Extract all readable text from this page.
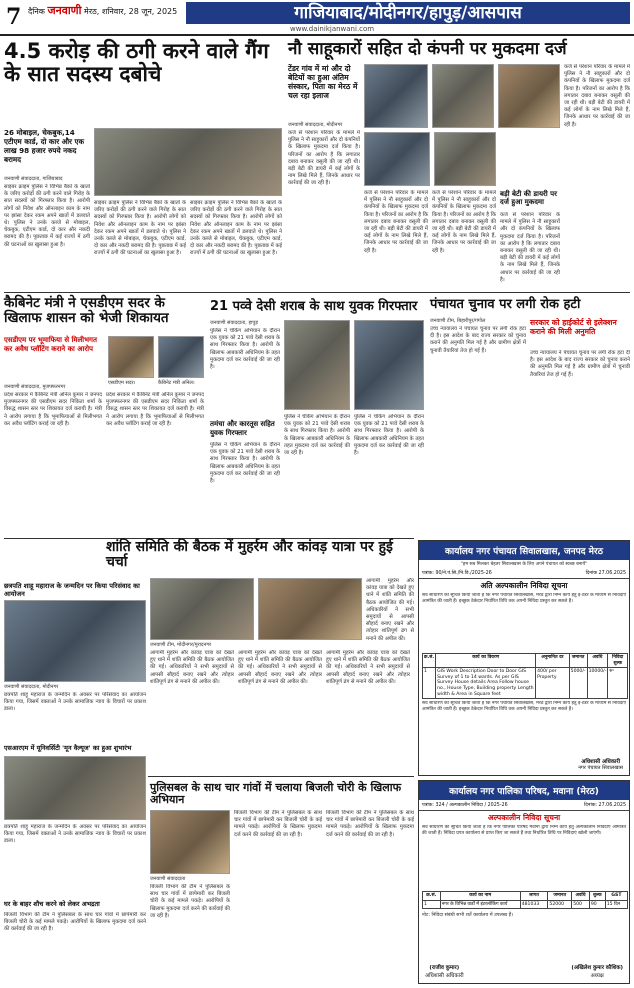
7 दैनिक जनवाणी मेरठ, शनिवार, 28 जून, 2025	गाजियाबाद/मोदीनगर/हापुड़/आसपास
www.dainikjanwani.com
4.5 करोड़ की ठगी करने वाले गैंग के सात सदस्य दबोचे
26 मोबाइल, चेकबुक,14 एटीएम कार्ड, दो कार और एक लाख 98 हजार रुपये नकद बरामद
जनवाणी संवाददाता, गाजियाबाद
साइबर क्राइम पुलिस ने विभिन्न बैंकों के खातों के जरिए करोड़ों की ठगी करने वाले गिरोह के सात सदस्यों को गिरफ्तार किया है। आरोपी लोगों को निवेश और ऑनलाइन काम के नाम पर झांसा देकर रकम अपने खातों में डलवाते थे। पुलिस ने उनके कब्जे से मोबाइल, चेकबुक, एटीएम कार्ड, दो कार और नकदी बरामद की है। पूछताछ में कई राज्यों में ठगी की घटनाओं का खुलासा हुआ है।
साइबर क्राइम पुलिस ने विभिन्न बैंकों के खातों के जरिए करोड़ों की ठगी करने वाले गिरोह के सात सदस्यों को गिरफ्तार किया है। आरोपी लोगों को निवेश और ऑनलाइन काम के नाम पर झांसा देकर रकम अपने खातों में डलवाते थे। पुलिस ने उनके कब्जे से मोबाइल, चेकबुक, एटीएम कार्ड, दो कार और नकदी बरामद की है। पूछताछ में कई राज्यों में ठगी की घटनाओं का खुलासा हुआ है।
साइबर क्राइम पुलिस ने विभिन्न बैंकों के खातों के जरिए करोड़ों की ठगी करने वाले गिरोह के सात सदस्यों को गिरफ्तार किया है। आरोपी लोगों को निवेश और ऑनलाइन काम के नाम पर झांसा देकर रकम अपने खातों में डलवाते थे। पुलिस ने उनके कब्जे से मोबाइल, चेकबुक, एटीएम कार्ड, दो कार और नकदी बरामद की है। पूछताछ में कई राज्यों में ठगी की घटनाओं का खुलासा हुआ है।
नौ साहूकारों सहित दो कंपनी पर मुकदमा दर्ज
टेंडर गांव में मां और दो बेटियों का हुआ अंतिम संस्कार, पिता का मेरठ में चल रहा इलाज
जनवाणी संवाददाता, मोदीनगर
कर्ज से परेशान परिवार के मामले में पुलिस ने नौ साहूकारों और दो कंपनियों के खिलाफ मुकदमा दर्ज किया है। परिजनों का आरोप है कि लगातार दबाव बनाकर वसूली की जा रही थी। बड़ी बेटी की डायरी में कई लोगों के नाम लिखे मिले हैं, जिनके आधार पर कार्रवाई की जा रही है।
कर्ज से परेशान परिवार के मामले में पुलिस ने नौ साहूकारों और दो कंपनियों के खिलाफ मुकदमा दर्ज किया है। परिजनों का आरोप है कि लगातार दबाव बनाकर वसूली की जा रही थी। बड़ी बेटी की डायरी में कई लोगों के नाम लिखे मिले हैं, जिनके आधार पर कार्रवाई की जा रही है।
कर्ज से परेशान परिवार के मामले में पुलिस ने नौ साहूकारों और दो कंपनियों के खिलाफ मुकदमा दर्ज किया है। परिजनों का आरोप है कि लगातार दबाव बनाकर वसूली की जा रही थी। बड़ी बेटी की डायरी में कई लोगों के नाम लिखे मिले हैं, जिनके आधार पर कार्रवाई की जा रही है।
बड़ी बेटी की डायरी पर दर्ज हुआ मुकदमा
कर्ज से परेशान परिवार के मामले में पुलिस ने नौ साहूकारों और दो कंपनियों के खिलाफ मुकदमा दर्ज किया है। परिजनों का आरोप है कि लगातार दबाव बनाकर वसूली की जा रही थी। बड़ी बेटी की डायरी में कई लोगों के नाम लिखे मिले हैं, जिनके आधार पर कार्रवाई की जा रही है।
कर्ज से परेशान परिवार के मामले में पुलिस ने नौ साहूकारों और दो कंपनियों के खिलाफ मुकदमा दर्ज किया है। परिजनों का आरोप है कि लगातार दबाव बनाकर वसूली की जा रही थी। बड़ी बेटी की डायरी में कई लोगों के नाम लिखे मिले हैं, जिनके आधार पर कार्रवाई की जा रही है।
कैबिनेट मंत्री ने एसडीएम सदर के खिलाफ शासन को भेजी शिकायत
एसडीएम पर भूमाफिया से मिलीभगत कर अवैध प्लॉटिंग कराने का आरोप
एसडीएम सदर।	कैबिनेट मंत्री अनिल।
जनवाणी संवाददाता, मुजफ्फरनगर
प्रदेश सरकार में कैबिनेट मंत्री अनिल कुमार ने जनपद मुजफ्फरनगर की एसडीएम सदर निकिता शर्मा के विरुद्ध शासन स्तर पर शिकायत दर्ज करायी है। मंत्री ने आरोप लगाया है कि भूमाफियाओं से मिलीभगत कर अवैध प्लॉटिंग कराई जा रही है।
प्रदेश सरकार में कैबिनेट मंत्री अनिल कुमार ने जनपद मुजफ्फरनगर की एसडीएम सदर निकिता शर्मा के विरुद्ध शासन स्तर पर शिकायत दर्ज करायी है। मंत्री ने आरोप लगाया है कि भूमाफियाओं से मिलीभगत कर अवैध प्लॉटिंग कराई जा रही है।
21 पव्वे देसी शराब के साथ युवक गिरफ्तार
जनवाणी संवाददाता, हापुड़
पुलिस ने चेकिंग अभियान के दौरान एक युवक को 21 पव्वे देसी शराब के साथ गिरफ्तार किया है। आरोपी के खिलाफ आबकारी अधिनियम के तहत मुकदमा दर्ज कर कार्रवाई की जा रही है।
तमंचा और कारतूस सहित युवक गिरफ्तार
पुलिस ने चेकिंग अभियान के दौरान एक युवक को 21 पव्वे देसी शराब के साथ गिरफ्तार किया है। आरोपी के खिलाफ आबकारी अधिनियम के तहत मुकदमा दर्ज कर कार्रवाई की जा रही है।
पुलिस ने चेकिंग अभियान के दौरान एक युवक को 21 पव्वे देसी शराब के साथ गिरफ्तार किया है। आरोपी के खिलाफ आबकारी अधिनियम के तहत मुकदमा दर्ज कर कार्रवाई की जा रही है।
पुलिस ने चेकिंग अभियान के दौरान एक युवक को 21 पव्वे देसी शराब के साथ गिरफ्तार किया है। आरोपी के खिलाफ आबकारी अधिनियम के तहत मुकदमा दर्ज कर कार्रवाई की जा रही है।
पंचायत चुनाव पर लगी रोक हटी
जनवाणी टीम, बिहारीपुर/गंगोल
उच्च न्यायालय ने पंचायत चुनाव पर लगी रोक हटा दी है। इस आदेश के बाद राज्य सरकार को चुनाव कराने की अनुमति मिल गई है और ग्रामीण क्षेत्रों में चुनावी तैयारियां तेज हो गई हैं।
सरकार को हाईकोर्ट से इलेक्शन कराने की मिली अनुमति
उच्च न्यायालय ने पंचायत चुनाव पर लगी रोक हटा दी है। इस आदेश के बाद राज्य सरकार को चुनाव कराने की अनुमति मिल गई है और ग्रामीण क्षेत्रों में चुनावी तैयारियां तेज हो गई हैं।
शांति समिति की बैठक में मुहर्रम और कांवड़ यात्रा पर हुई चर्चा
जनवाणी टीम, मोदीनगर/मुरादनगर
आगामी मुहर्रम और कांवड़ यात्रा को देखते हुए थाने में शांति समिति की बैठक आयोजित की गई। अधिकारियों ने सभी समुदायों से आपसी सौहार्द बनाए रखने और त्योहार शांतिपूर्ण ढंग से मनाने की अपील की।
आगामी मुहर्रम और कांवड़ यात्रा को देखते हुए थाने में शांति समिति की बैठक आयोजित की गई। अधिकारियों ने सभी समुदायों से आपसी सौहार्द बनाए रखने और त्योहार शांतिपूर्ण ढंग से मनाने की अपील की।
आगामी मुहर्रम और कांवड़ यात्रा को देखते हुए थाने में शांति समिति की बैठक आयोजित की गई। अधिकारियों ने सभी समुदायों से आपसी सौहार्द बनाए रखने और त्योहार शांतिपूर्ण ढंग से मनाने की अपील की।
आगामी मुहर्रम और कांवड़ यात्रा को देखते हुए थाने में शांति समिति की बैठक आयोजित की गई। अधिकारियों ने सभी समुदायों से आपसी सौहार्द बनाए रखने और त्योहार शांतिपूर्ण ढंग से मनाने की अपील की।
छत्रपति शाहू महाराज के जन्मदिन पर किया परिसंवाद का आयोजन
जनवाणी संवाददाता, मोदीनगर
छत्रपति शाहू महाराज के जन्मदिन के अवसर पर परिसंवाद का आयोजन किया गया, जिसमें वक्ताओं ने उनके सामाजिक न्याय के विचारों पर प्रकाश डाला।
एसआरएम में यूनिवर्सिटी 'मून वैल्यूज' का हुआ शुभारंभ
छत्रपति शाहू महाराज के जन्मदिन के अवसर पर परिसंवाद का आयोजन किया गया, जिसमें वक्ताओं ने उनके सामाजिक न्याय के विचारों पर प्रकाश डाला।
पुलिसबल के साथ चार गांवों में चलाया बिजली चोरी के खिलाफ अभियान
जनवाणी संवाददाता
बिजली विभाग की टीम ने पुलिसबल के साथ चार गांवों में छापेमारी कर बिजली चोरी के कई मामले पकड़े। आरोपियों के खिलाफ मुकदमा दर्ज करने की कार्रवाई की जा रही है।
बिजली विभाग की टीम ने पुलिसबल के साथ चार गांवों में छापेमारी कर बिजली चोरी के कई मामले पकड़े। आरोपियों के खिलाफ मुकदमा दर्ज करने की कार्रवाई की जा रही है।
बिजली विभाग की टीम ने पुलिसबल के साथ चार गांवों में छापेमारी कर बिजली चोरी के कई मामले पकड़े। आरोपियों के खिलाफ मुकदमा दर्ज करने की कार्रवाई की जा रही है।
घर के बाहर शौच करने को लेकर अभद्रता
बिजली विभाग की टीम ने पुलिसबल के साथ चार गांवों में छापेमारी कर बिजली चोरी के कई मामले पकड़े। आरोपियों के खिलाफ मुकदमा दर्ज करने की कार्रवाई की जा रही है।
कार्यालय नगर पंचायत सिवालखास, जनपद मेरठ
"हम सब मिलकर बेहतर सिवालखास के लिए अपने पंचायत को स्वच्छ बनायें"
पत्रांक: 90/ने.पं.सि./नि.वि./2025-26	दिनांक 27.06.2025
अति अल्पकालीन निविदा सूचना
सर्व साधारण को सूचित किया जाता है कि नगर पंचायत सिवालखास, मेरठ द्वारा निम्न कार्य हेतु ई-टेंडर के माध्यम से निविदाएं आमंत्रित की जाती हैं। इच्छुक ठेकेदार निर्धारित तिथि तक अपनी निविदा प्रस्तुत कर सकते हैं।
क्र.सं.	कार्य का विवरण	अनुमानित दर	जमानत	अवधि	निविदा शुल्क
1	GIS Work Description Door to Door GIS Survey of 1 to 14 wards. As per GIS Survey House details Area Follow house no., House Type, Building property Length width & Area in Square feet	400/ per Property	5000/-	10000/-	रु॰
सर्व साधारण को सूचित किया जाता है कि नगर पंचायत सिवालखास, मेरठ द्वारा निम्न कार्य हेतु ई-टेंडर के माध्यम से निविदाएं आमंत्रित की जाती हैं। इच्छुक ठेकेदार निर्धारित तिथि तक अपनी निविदा प्रस्तुत कर सकते हैं।
अधिशासी अधिकारी
नगर पंचायत सिवालखास
कार्यालय नगर पालिका परिषद, मवाना (मेरठ)
पत्रांक: 324 / अल्पकालीन निविदा / 2025-26	दिनांक: 27.06.2025
अल्पकालीन निविदा सूचना
सर्व साधारण को सूचित किया जाता है कि नगर पालिका परिषद मवाना द्वारा निम्न कार्य हेतु अल्पकालीन निविदाएं आमंत्रित की जाती हैं। निविदा प्रपत्र कार्यालय से प्राप्त किए जा सकते हैं तथा निर्धारित तिथि पर निविदाएं खोली जाएंगी।
क्र.सं.	कार्य का नाम	लागत	जमानत	अवधि	शुल्क	GST
1	नगर के विभिन्न वार्डों में इंटरलॉकिंग कार्य	481033	52000	500	90	15 दिन
नोट: निविदा संबंधी सभी शर्तें कार्यालय में उपलब्ध हैं।
(राजीव कुमार)
अधिशासी अधिकारी
(अखिलेश कुमार कौशिक)
अध्यक्ष
